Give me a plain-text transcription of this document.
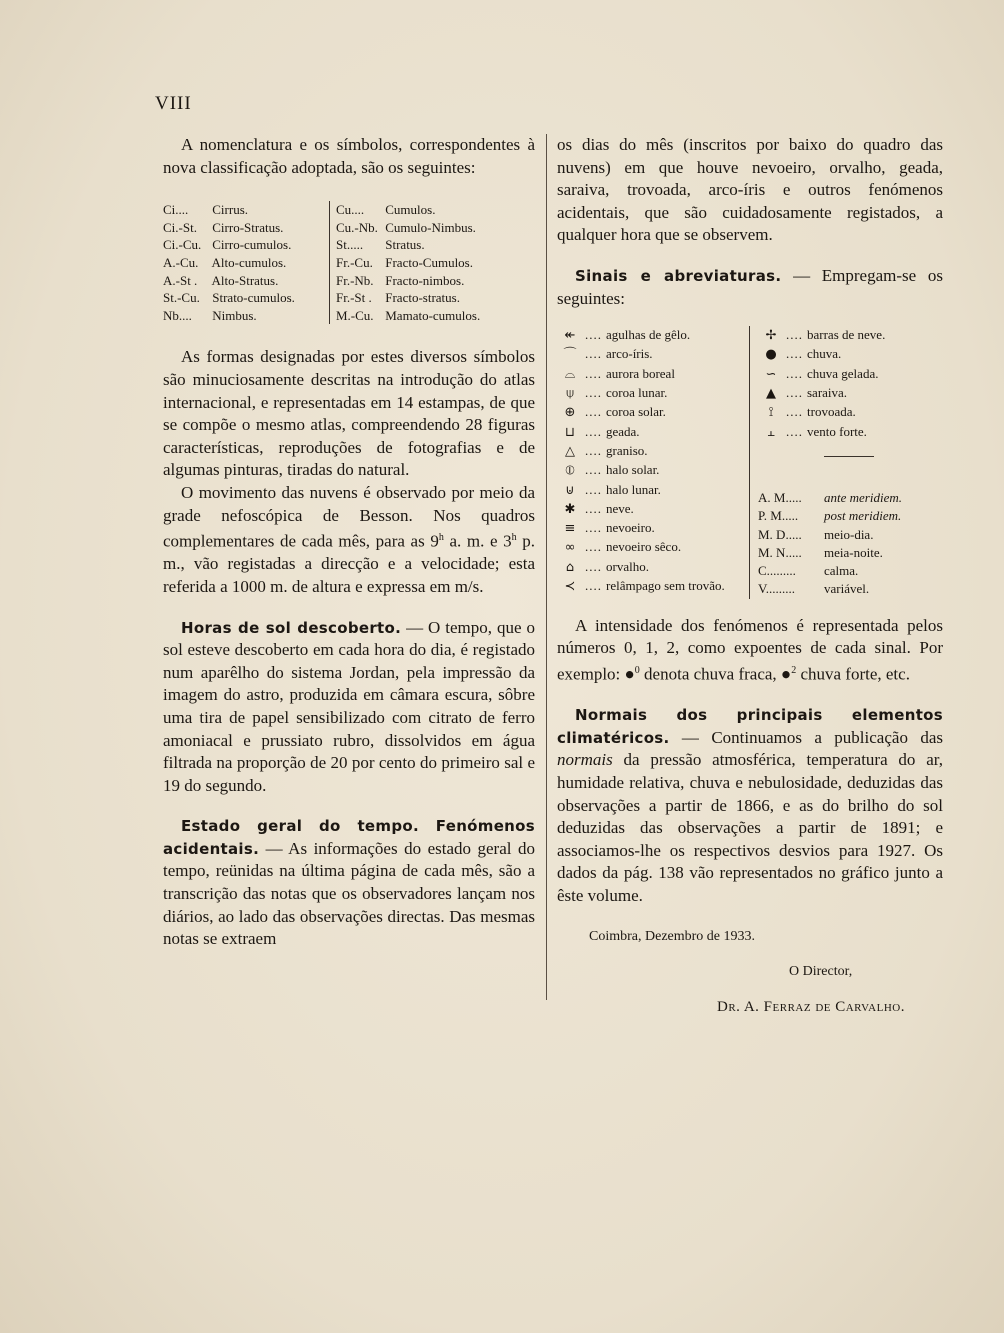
VIII

A nomenclatura e os símbolos, correspondentes à nova classificação adoptada, são os seguintes:

Ci.... Cirrus.
Ci.-St. Cirro-Stratus.
Ci.-Cu. Cirro-cumulos.
A.-Cu. Alto-cumulos.
A.-St . Alto-Stratus.
St.-Cu. Strato-cumulos.
Nb.... Nimbus.
Cu.... Cumulos.
Cu.-Nb. Cumulo-Nimbus.
St..... Stratus.
Fr.-Cu. Fracto-Cumulos.
Fr.-Nb. Fracto-nimbos.
Fr.-St . Fracto-stratus.
M.-Cu. Mamato-cumulos.

As formas designadas por estes diversos símbolos são minuciosamente descritas na introdução do atlas internacional, e representadas em 14 estampas, de que se compõe o mesmo atlas, compreendendo 28 figuras características, reproduções de fotografias e de algumas pinturas, tiradas do natural.

O movimento das nuvens é observado por meio da grade nefoscópica de Besson. Nos quadros complementares de cada mês, para as 9$^h$ a. m. e 3$^h$ p. m., vão registadas a direcção e a velocidade; esta referida a 1000 m. de altura e expressa em m/s.

Horas de sol descoberto. — O tempo, que o sol esteve descoberto em cada hora do dia, é registado num aparêlho do sistema Jordan, pela impressão da imagem do astro, produzida em câmara escura, sôbre uma tira de papel sensibilizado com citrato de ferro amoniacal e prussiato rubro, dissolvidos em água filtrada na proporção de 20 por cento do primeiro sal e 19 do segundo.

Estado geral do tempo. Fenómenos acidentais. — As informações do estado geral do tempo, reünidas na última página de cada mês, são a transcrição das notas que os observadores lançam nos diários, ao lado das observações directas. Das mesmas notas se extraem

os dias do mês (inscritos por baixo do quadro das nuvens) em que houve nevoeiro, orvalho, geada, saraiva, trovoada, arco-íris e outros fenómenos acidentais, que são cuidadosamente registados, a qualquer hora que se observem.

Sinais e abreviaturas. — Empregam-se os seguintes:

↞ .... agulhas de gêlo.
⌒ .... arco-íris.
⌓ .... aurora boreal
⍦ .... coroa lunar.
⊕ .... coroa solar.
⊔ .... geada.
△ .... graniso.
⦶ .... halo solar.
⊍ .... halo lunar.
✱ .... neve.
≡ .... nevoeiro.
∞ .... nevoeiro sêco.
⌂ .... orvalho.
≺ .... relâmpago sem trovão.
✢ .... barras de neve.
● .... chuva.
∽ .... chuva gelada.
▲ .... saraiva.
⟟ .... trovoada.
⫠ .... vento forte.
A. M..... ante meridiem.
P. M..... post meridiem.
M. D..... meio-dia.
M. N..... meia-noite.
C......... calma.
V......... variável.

A intensidade dos fenómenos é representada pelos números 0, 1, 2, como expoentes de cada sinal. Por exemplo: ●$^0$ denota chuva fraca, ●$^2$ chuva forte, etc.

Normais dos principais elementos climatéricos. — Continuamos a publicação das normais da pressão atmosférica, temperatura do ar, humidade relativa, chuva e nebulosidade, deduzidas das observações a partir de 1866, e as do brilho do sol deduzidas das observações a partir de 1891; e associamos-lhe os respectivos desvios para 1927. Os dados da pág. 138 vão representados no gráfico junto a êste volume.

Coimbra, Dezembro de 1933.
O Director,
Dr. A. Ferraz de Carvalho.
